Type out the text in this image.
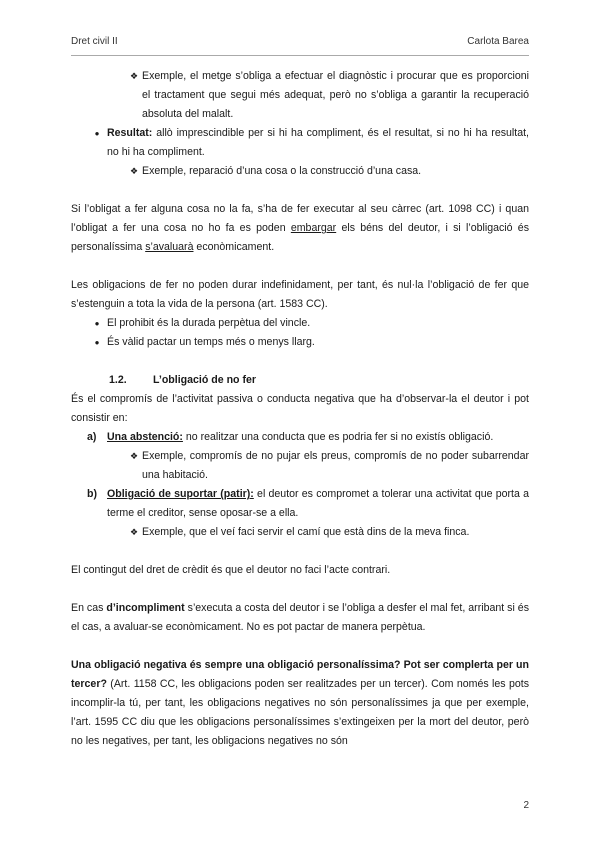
Dret civil II	Carlota Barea
❖ Exemple, el metge s’obliga a efectuar el diagnòstic i procurar que es proporcioni el tractament que segui més adequat, però no s’obliga a garantir la recuperació absoluta del malalt.
● Resultat: allò imprescindible per si hi ha compliment, és el resultat, si no hi ha resultat, no hi ha compliment.
❖ Exemple, reparació d’una cosa o la construcció d’una casa.

Si l’obligat a fer alguna cosa no la fa, s’ha de fer executar al seu càrrec (art. 1098 CC) i quan l’obligat a fer una cosa no ho fa es poden embargar els béns del deutor, i si l’obligació és personalíssima s’avaluarà econòmicament.

Les obligacions de fer no poden durar indefinidament, per tant, és nul·la l’obligació de fer que s’estenguin a tota la vida de la persona (art. 1583 CC).

● El prohibit és la durada perpètua del vincle.
● És vàlid pactar un temps més o menys llarg.
1.2.	L’obligació de no fer

És el compromís de l’activitat passiva o conducta negativa que ha d’observar-la el deutor i pot consistir en:

a) Una abstenció: no realitzar una conducta que es podria fer si no existís obligació.
❖ Exemple, compromís de no pujar els preus, compromís de no poder subarrendar una habitació.
b) Obligació de suportar (patir): el deutor es compromet a tolerar una activitat que porta a terme el creditor, sense oposar-se a ella.
❖ Exemple, que el veí faci servir el camí que està dins de la meva finca.

El contingut del dret de crèdit és que el deutor no faci l’acte contrari.

En cas d’incompliment s’executa a costa del deutor i se l’obliga a desfer el mal fet, arribant si és el cas, a avaluar-se econòmicament. No es pot pactar de manera perpètua.

Una obligació negativa és sempre una obligació personalíssima? Pot ser complerta per un tercer? (Art. 1158 CC, les obligacions poden ser realitzades per un tercer). Com només les pots incomplir-la tú, per tant, les obligacions negatives no són personalíssimes ja que per exemple, l’art. 1595 CC diu que les obligacions personalíssimes s’extingeixen per la mort del deutor, però no les negatives, per tant, les obligacions negatives no són

2
